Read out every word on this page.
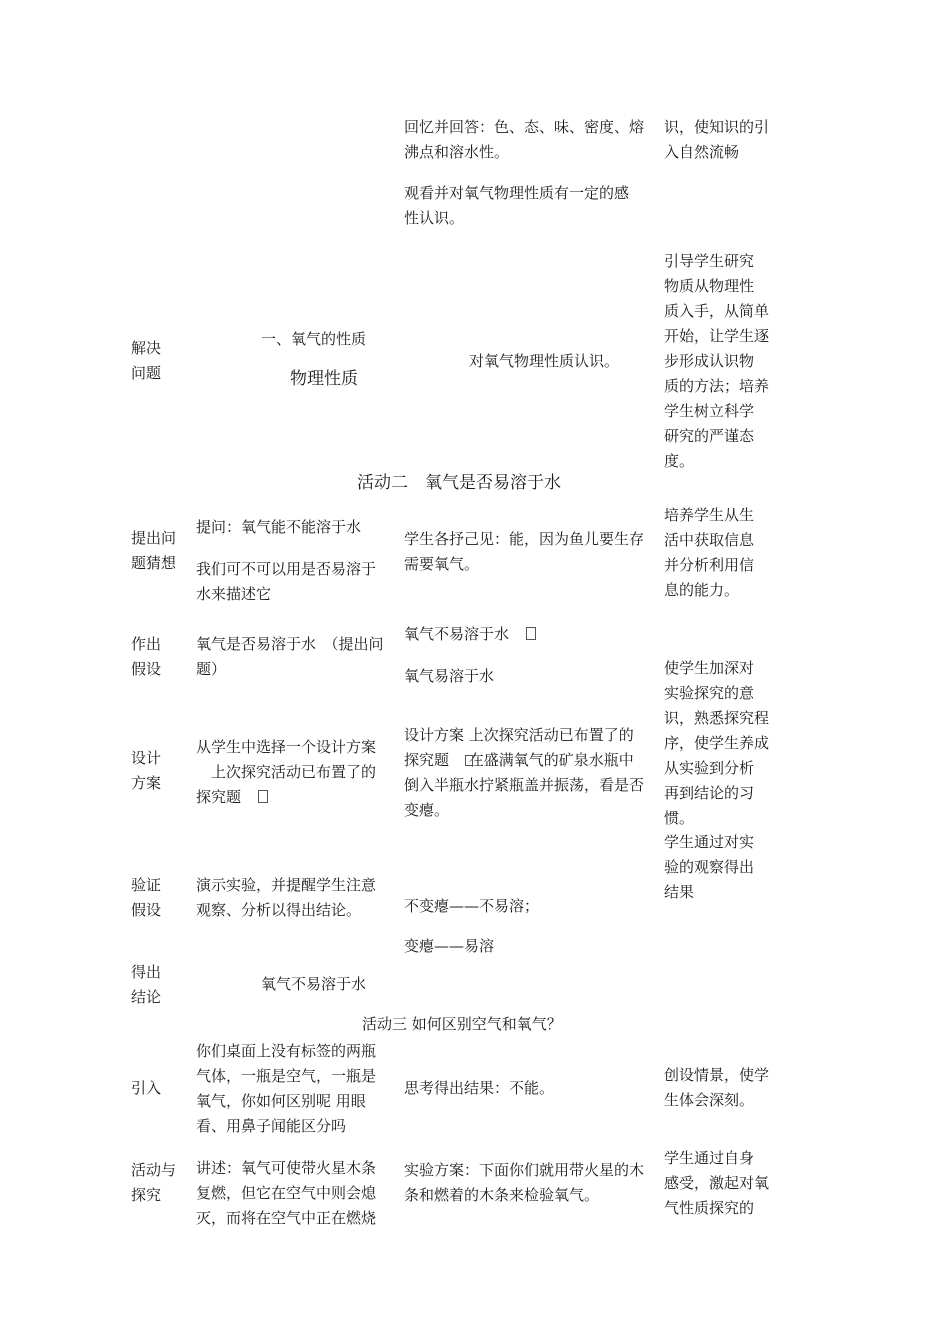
回忆并回答：色、态、味、密度、熔
沸点和溶水性。
识，使知识的引
入自然流畅
观看并对氧气物理性质有一定的感
性认识。
解决
问题
一、氧气的性质
物理性质
对氧气物理性质认识。
引导学生研究
物质从物理性
质入手，从简单
开始，让学生逐
步形成认识物
质的方法；培养
学生树立科学
研究的严谨态
度。
活动二　氧气是否易溶于水
提出问
题猜想
提问：氧气能不能溶于水
我们可不可以用是否易溶于
水来描述它
学生各抒己见：能，因为鱼儿要生存
需要氧气。
培养学生从生
活中获取信息
并分析利用信
息的能力。
作出
假设
氧气是否易溶于水　（提出问
题）
氧气不易溶于水　
氧气易溶于水	使学生加深对
实验探究的意
识，熟悉探究程
序，使学生养成
从实验到分析
再到结论的习
惯。
设计
方案
从学生中选择一个设计方案
　上次探究活动已布置了的
探究题　
设计方案 上次探究活动已布置了的
探究题 　在盛满氧气的矿泉水瓶中
倒入半瓶水拧紧瓶盖并振荡，看是否
变瘪。
验证
假设
演示实验，并提醒学生注意
观察、分析以得出结论。	不变瘪——不易溶；
变瘪——易溶
学生通过对实
验的观察得出
结果
得出
结论
氧气不易溶于水
活动三 如何区别空气和氧气？
引入
你们桌面上没有标签的两瓶
气体，一瓶是空气，一瓶是
氧气，你如何区别呢 用眼
看、用鼻子闻能区分吗
思考得出结果：不能。
创设情景，使学
生体会深刻。
活动与
探究
讲述：氧气可使带火星木条
复燃，但它在空气中则会熄
灭，而将在空气中正在燃烧
实验方案：下面你们就用带火星的木
条和燃着的木条来检验氧气。
学生通过自身
感受，激起对氧
气性质探究的
